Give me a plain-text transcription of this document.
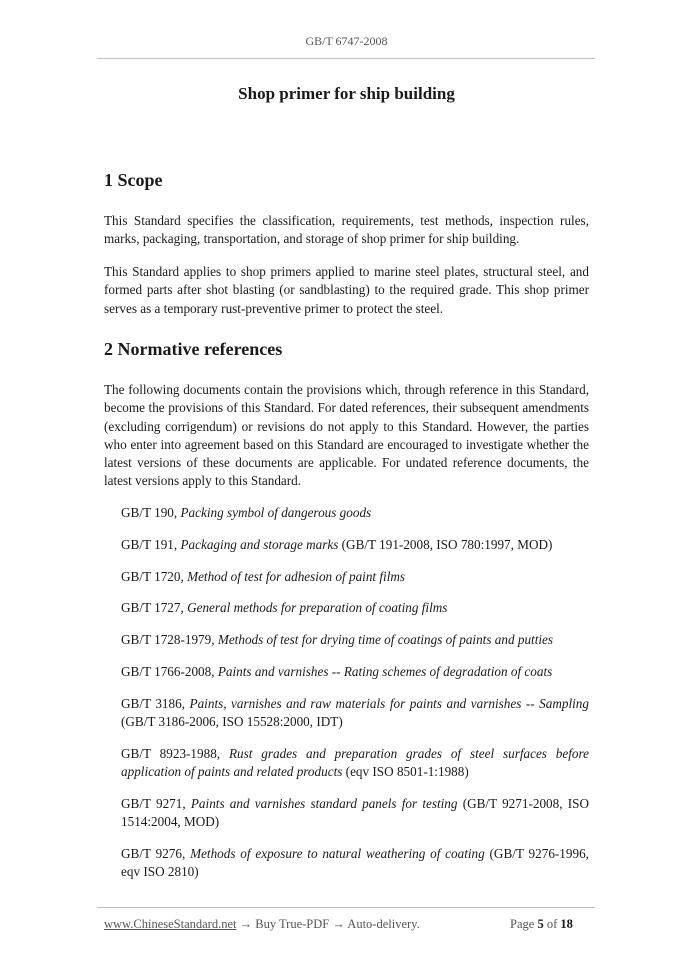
GB/T 6747-2008
Shop primer for ship building
1 Scope

This Standard specifies the classification, requirements, test methods, inspection rules, marks, packaging, transportation, and storage of shop primer for ship building.

This Standard applies to shop primers applied to marine steel plates, structural steel, and formed parts after shot blasting (or sandblasting) to the required grade. This shop primer serves as a temporary rust-preventive primer to protect the steel.

2 Normative references

The following documents contain the provisions which, through reference in this Standard, become the provisions of this Standard. For dated references, their subsequent amendments (excluding corrigendum) or revisions do not apply to this Standard. However, the parties who enter into agreement based on this Standard are encouraged to investigate whether the latest versions of these documents are applicable. For undated reference documents, the latest versions apply to this Standard.

GB/T 190, Packing symbol of dangerous goods
GB/T 191, Packaging and storage marks (GB/T 191-2008, ISO 780:1997, MOD)
GB/T 1720, Method of test for adhesion of paint films
GB/T 1727, General methods for preparation of coating films
GB/T 1728-1979, Methods of test for drying time of coatings of paints and putties
GB/T 1766-2008, Paints and varnishes -- Rating schemes of degradation of coats
GB/T 3186, Paints, varnishes and raw materials for paints and varnishes -- Sampling (GB/T 3186-2006, ISO 15528:2000, IDT)
GB/T 8923-1988, Rust grades and preparation grades of steel surfaces before application of paints and related products (eqv ISO 8501-1:1988)
GB/T 9271, Paints and varnishes standard panels for testing (GB/T 9271-2008, ISO 1514:2004, MOD)
GB/T 9276, Methods of exposure to natural weathering of coating (GB/T 9276-1996, eqv ISO 2810)
www.ChineseStandard.net → Buy True-PDF → Auto-delivery.	Page 5 of 18
